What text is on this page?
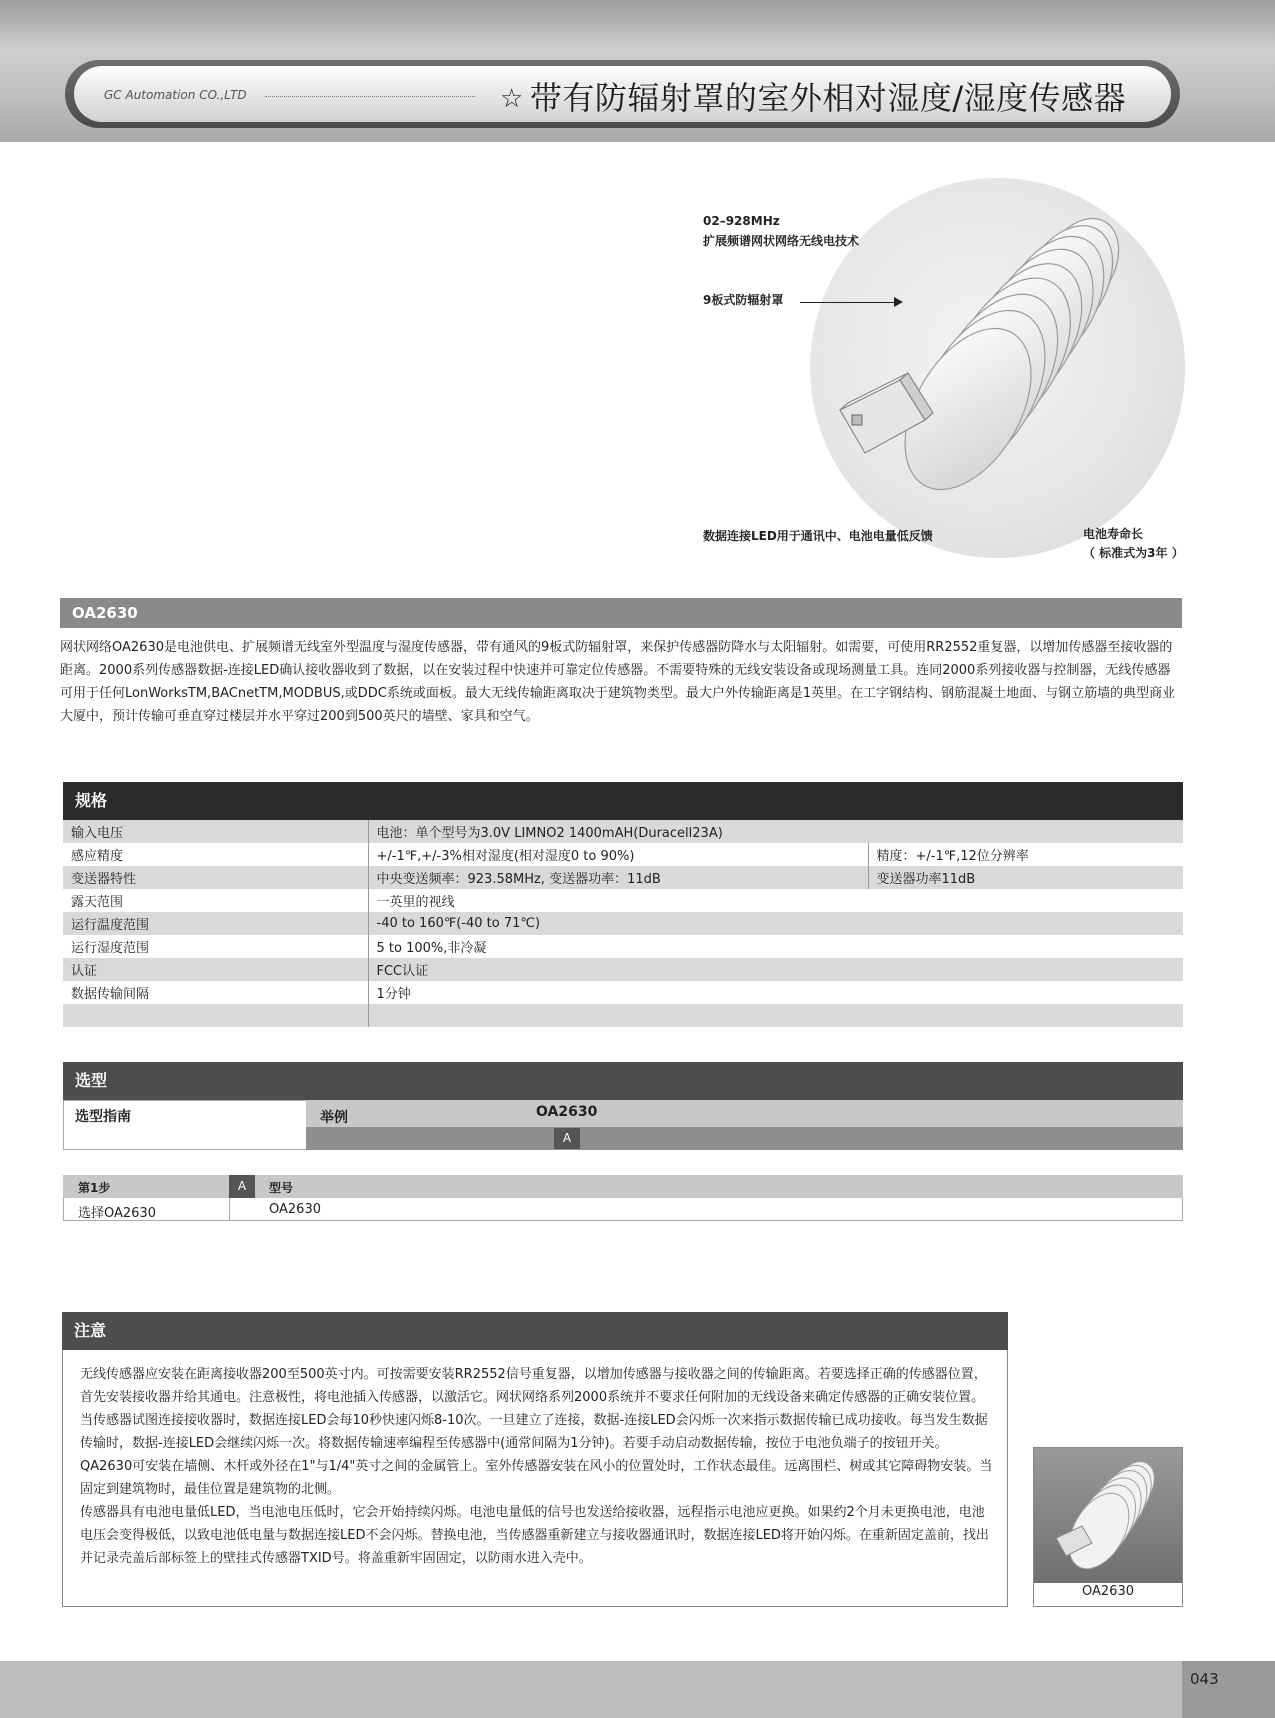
GC Automation CO.,LTD	☆ 带有防辐射罩的室外相对湿度/湿度传感器
02–928MHz
扩展频谱网状网络无线电技术
9板式防辐射罩
数据连接LED用于通讯中、电池电量低反馈	电池寿命长
（ 标准式为3年 ）
OA2630
网状网络OA2630是电池供电、扩展频谱无线室外型温度与湿度传感器，带有通风的9板式防辐射罩，来保护传感器防降水与太阳辐射。如需要，可使用RR2552重复器，以增加传感器至接收器的距离。2000系列传感器数据-连接LED确认接收器收到了数据，以在安装过程中快速并可靠定位传感器。不需要特殊的无线安装设备或现场测量工具。连同2000系列接收器与控制器，无线传感器可用于任何LonWorksTM,BACnetTM,MODBUS,或DDC系统或面板。最大无线传输距离取决于建筑物类型。最大户外传输距离是1英里。在工字钢结构、钢筋混凝土地面、与钢立筋墙的典型商业大厦中，预计传输可垂直穿过楼层并水平穿过200到500英尺的墙壁、家具和空气。
规格
输入电压	电池：单个型号为3.0V LIMNO2 1400mAH(Duracell23A)	
感应精度	+/-1℉,+/-3%相对湿度(相对湿度0 to 90%)	精度：+/-1℉,12位分辨率
变送器特性	中央变送频率：923.58MHz, 变送器功率：11dB	变送器功率11dB
露天范围	一英里的视线	
运行温度范围	-40 to 160℉(-40 to 71℃)	
运行湿度范围	5 to 100%,非冷凝	
认证	FCC认证	
数据传输间隔	1分钟	

选型
选型指南	举例	OA2630
A
第1步	A	型号
选择OA2630	OA2630
注意
无线传感器应安装在距离接收器200至500英寸内。可按需要安装RR2552信号重复器，以增加传感器与接收器之间的传输距离。若要选择正确的传感器位置，首先安装接收器并给其通电。注意极性，将电池插入传感器，以激活它。网状网络系列2000系统并不要求任何附加的无线设备来确定传感器的正确安装位置。
当传感器试图连接接收器时，数据连接LED会每10秒快速闪烁8-10次。一旦建立了连接，数据-连接LED会闪烁一次来指示数据传输已成功接收。每当发生数据传输时，数据-连接LED会继续闪烁一次。将数据传输速率编程至传感器中(通常间隔为1分钟)。若要手动启动数据传输，按位于电池负端子的按钮开关。QA2630可安装在墙侧、木杆或外径在1"与1/4"英寸之间的金属管上。室外传感器安装在风小的位置处时，工作状态最佳。远离围栏、树或其它障碍物安装。当固定到建筑物时，最佳位置是建筑物的北侧。
传感器具有电池电量低LED，当电池电压低时，它会开始持续闪烁。电池电量低的信号也发送给接收器，远程指示电池应更换。如果约2个月未更换电池，电池电压会变得极低，以致电池低电量与数据连接LED不会闪烁。替换电池，当传感器重新建立与接收器通讯时，数据连接LED将开始闪烁。在重新固定盖前，找出并记录壳盖后部标签上的壁挂式传感器TXID号。将盖重新牢固固定，以防雨水进入壳中。
OA2630
043
